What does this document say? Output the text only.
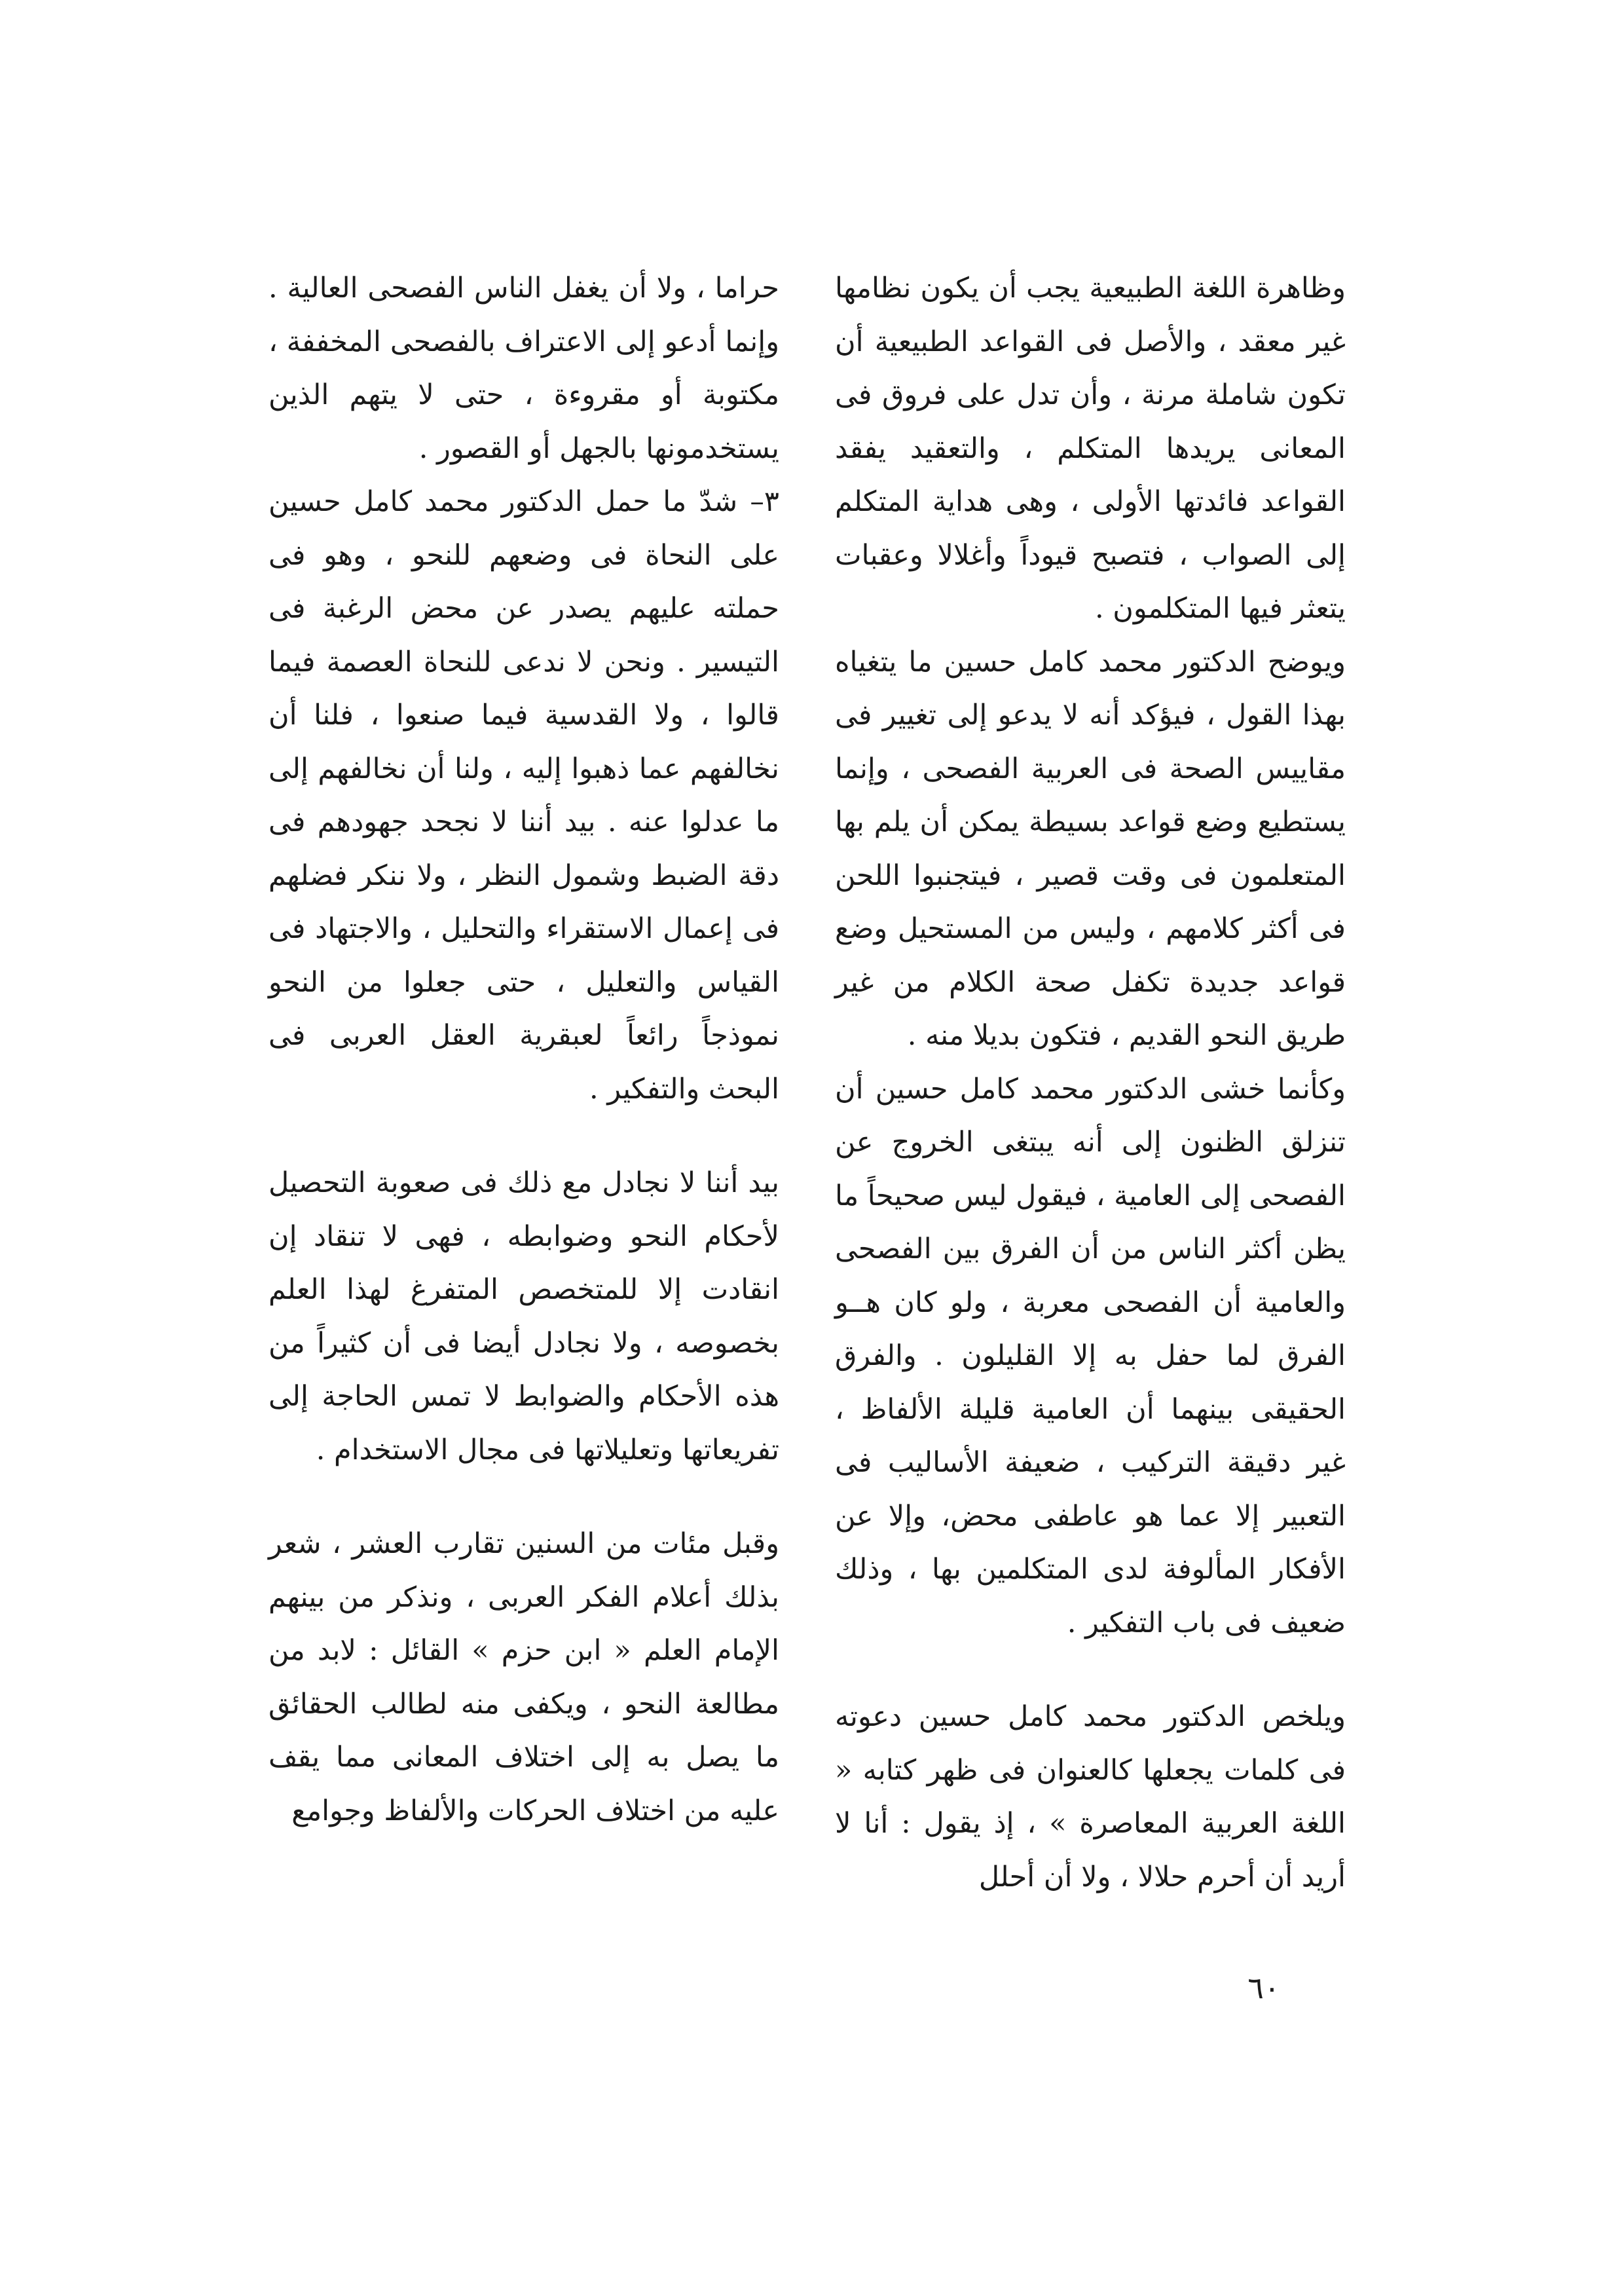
وظاهرة اللغة الطبيعية يجب أن يكون نظامها غير معقد ، والأصل فى القواعد الطبيعية أن تكون شاملة مرنة ، وأن تدل على فروق فى المعانى يريدها المتكلم ، والتعقيد يفقد القواعد فائدتها الأولى ، وهى هداية المتكلم إلى الصواب ، فتصبح قيوداً وأغلالا وعقبات يتعثر فيها المتكلمون .

ويوضح الدكتور محمد كامل حسين ما يتغياه بهذا القول ، فيؤكد أنه لا يدعو إلى تغيير فى مقاييس الصحة فى العربية الفصحى ، وإنما يستطيع وضع قواعد بسيطة يمكن أن يلم بها المتعلمون فى وقت قصير ، فيتجنبوا اللحن فى أكثر كلامهم ، وليس من المستحيل وضع قواعد جديدة تكفل صحة الكلام من غير طريق النحو القديم ، فتكون بديلا منه .

وكأنما خشى الدكتور محمد كامل حسين أن تنزلق الظنون إلى أنه يبتغى الخروج عن الفصحى إلى العامية ، فيقول ليس صحيحاً ما يظن أكثر الناس من أن الفرق بين الفصحى والعامية أن الفصحى معربة ، ولو كان هــو الفرق لما حفل به إلا القليلون . والفرق الحقيقى بينهما أن العامية قليلة الألفاظ ، غير دقيقة التركيب ، ضعيفة الأساليب فى التعبير إلا عما هو عاطفى محض، وإلا عن الأفكار المألوفة لدى المتكلمين بها ، وذلك ضعيف فى باب التفكير .

ويلخص الدكتور محمد كامل حسين دعوته فى كلمات يجعلها كالعنوان فى ظهر كتابه « اللغة العربية المعاصرة » ، إذ يقول : أنا لا أريد أن أحرم حلالا ، ولا أن أحلل

حراما ، ولا أن يغفل الناس الفصحى العالية . وإنما أدعو إلى الاعتراف بالفصحى المخففة ، مكتوبة أو مقروءة ، حتى لا يتهم الذين يستخدمونها بالجهل أو القصور .

٣– شدّ ما حمل الدكتور محمد كامل حسين على النحاة فى وضعهم للنحو ، وهو فى حملته عليهم يصدر عن محض الرغبة فى التيسير . ونحن لا ندعى للنحاة العصمة فيما قالوا ، ولا القدسية فيما صنعوا ، فلنا أن نخالفهم عما ذهبوا إليه ، ولنا أن نخالفهم إلى ما عدلوا عنه . بيد أننا لا نجحد جهودهم فى دقة الضبط وشمول النظر ، ولا ننكر فضلهم فى إعمال الاستقراء والتحليل ، والاجتهاد فى القياس والتعليل ، حتى جعلوا من النحو نموذجاً رائعاً لعبقرية العقل العربى فى البحث والتفكير .

بيد أننا لا نجادل مع ذلك فى صعوبة التحصيل لأحكام النحو وضوابطه ، فهى لا تنقاد إن انقادت إلا للمتخصص المتفرغ لهذا العلم بخصوصه ، ولا نجادل أيضا فى أن كثيراً من هذه الأحكام والضوابط لا تمس الحاجة إلى تفريعاتها وتعليلاتها فى مجال الاستخدام .

وقبل مئات من السنين تقارب العشر ، شعر بذلك أعلام الفكر العربى ، ونذكر من بينهم الإمام العلم « ابن حزم » القائل : لابد من مطالعة النحو ، ويكفى منه لطالب الحقائق ما يصل به إلى اختلاف المعانى مما يقف عليه من اختلاف الحركات والألفاظ وجوامع

٦٠
